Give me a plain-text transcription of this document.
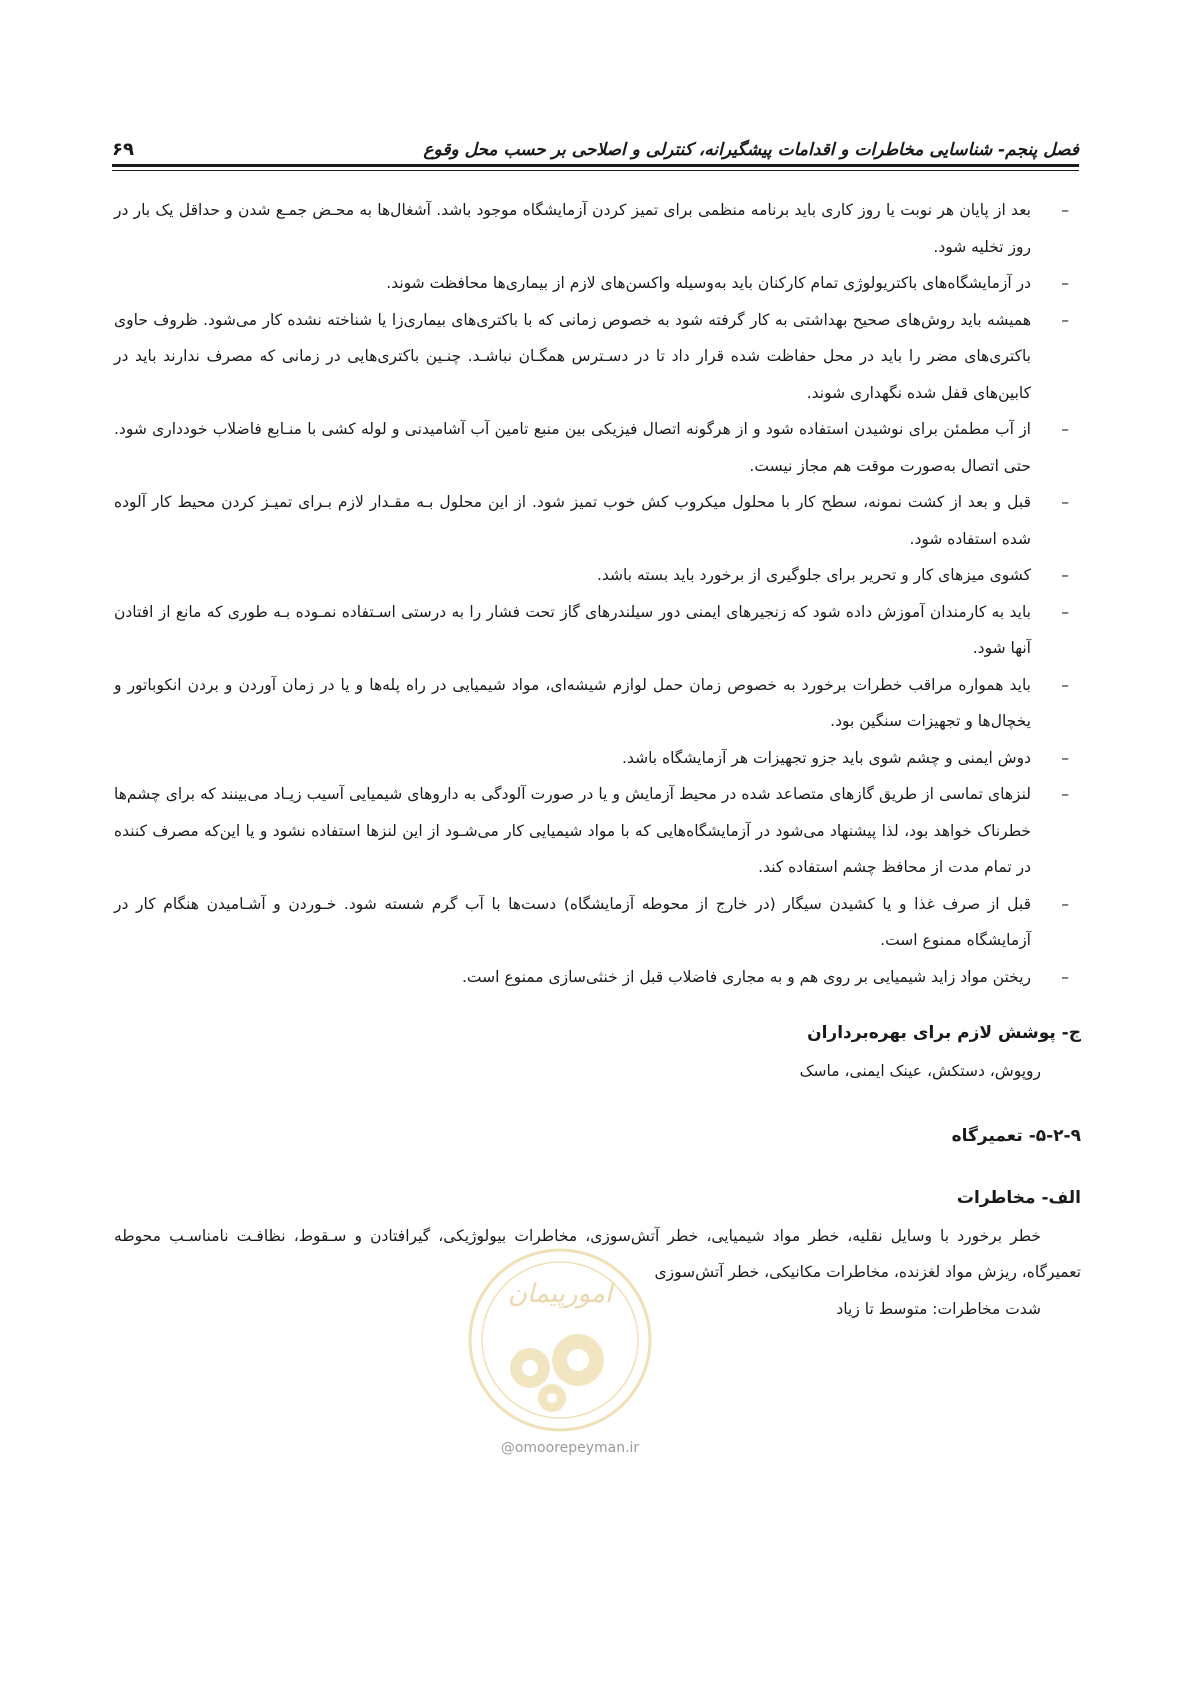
فصل پنجم- شناسایی مخاطرات و اقدامات پیشگیرانه، کنترلی و اصلاحی بر حسب محل وقوع
۶۹
–
بعد از پایان هر نوبت یا روز کاری باید برنامه منظمی برای تمیز کردن آزمایشگاه موجود باشد. آشغال‌ها به محـض جمـع شدن و حداقل یک بار در روز تخلیه شود.
–
در آزمایشگاه‌های باکتریولوژی تمام کارکنان باید به‌وسیله واکسن‌های لازم از بیماری‌ها محافظت شوند.
–
همیشه باید روش‌های صحیح بهداشتی به کار گرفته شود به خصوص زمانی که با باکتری‌های بیماری‌زا یا شناخته نشده کار می‌شود. ظروف حاوی باکتری‌های مضر را باید در محل حفاظت شده قرار داد تا در دسـترس همگـان نباشـد. چنـین باکتری‌هایی در زمانی که مصرف ندارند باید در کابین‌های قفل شده نگهداری شوند.
–
از آب مطمئن برای نوشیدن استفاده شود و از هرگونه اتصال فیزیکی بین منبع تامین آب آشامیدنی و لوله کشی با منـابع فاضلاب خودداری شود. حتی اتصال به‌صورت موقت هم مجاز نیست.
–
قبل و بعد از کشت نمونه، سطح کار با محلول میکروب کش خوب تمیز شود. از این محلول بـه مقـدار لازم بـرای تمیـز کردن محیط کار آلوده شده استفاده شود.
–
کشوی میزهای کار و تحریر برای جلوگیری از برخورد باید بسته باشد.
–
باید به کارمندان آموزش داده شود که زنجیرهای ایمنی دور سیلندرهای گاز تحت فشار را به درستی اسـتفاده نمـوده بـه طوری که مانع از افتادن آنها شود.
–
باید همواره مراقب خطرات برخورد به خصوص زمان حمل لوازم شیشه‌ای، مواد شیمیایی در راه پله‌ها و یا در زمان آوردن و بردن انکوباتور و یخچال‌ها و تجهیزات سنگین بود.
–
دوش ایمنی و چشم شوی باید جزو تجهیزات هر آزمایشگاه باشد.
–
لنزهای تماسی از طریق گازهای متصاعد شده در محیط آزمایش و یا در صورت آلودگی به داروهای شیمیایی آسیب زیـاد می‌بینند که برای چشم‌ها خطرناک خواهد بود، لذا پیشنهاد می‌شود در آزمایشگاه‌هایی که با مواد شیمیایی کار می‌شـود از این لنزها استفاده نشود و یا این‌که مصرف کننده در تمام مدت از محافظ چشم استفاده کند.
–
قبل از صرف غذا و یا کشیدن سیگار (در خارج از محوطه آزمایشگاه) دست‌ها با آب گرم شسته شود. خـوردن و آشـامیدن هنگام کار در آزمایشگاه ممنوع است.
–
ریختن مواد زاید شیمیایی بر روی هم و به مجاری فاضلاب قبل از خنثی‌سازی ممنوع است.
ج- پوشش لازم برای بهره‌برداران

روپوش، دستکش، عینک ایمنی، ماسک

۵-۲-۹- تعمیرگاه
الف- مخاطرات

خطر برخورد با وسایل نقلیه، خطر مواد شیمیایی، خطر آتش‌سوزی، مخاطرات بیولوژیکی، گیرافتادن و سـقوط، نظافـت نامناسـب محوطه تعمیرگاه، ریزش مواد لغزنده، مخاطرات مکانیکی، خطر آتش‌سوزی

شدت مخاطرات: متوسط تا زیاد

امورپیمان
@omoorepeyman.ir
